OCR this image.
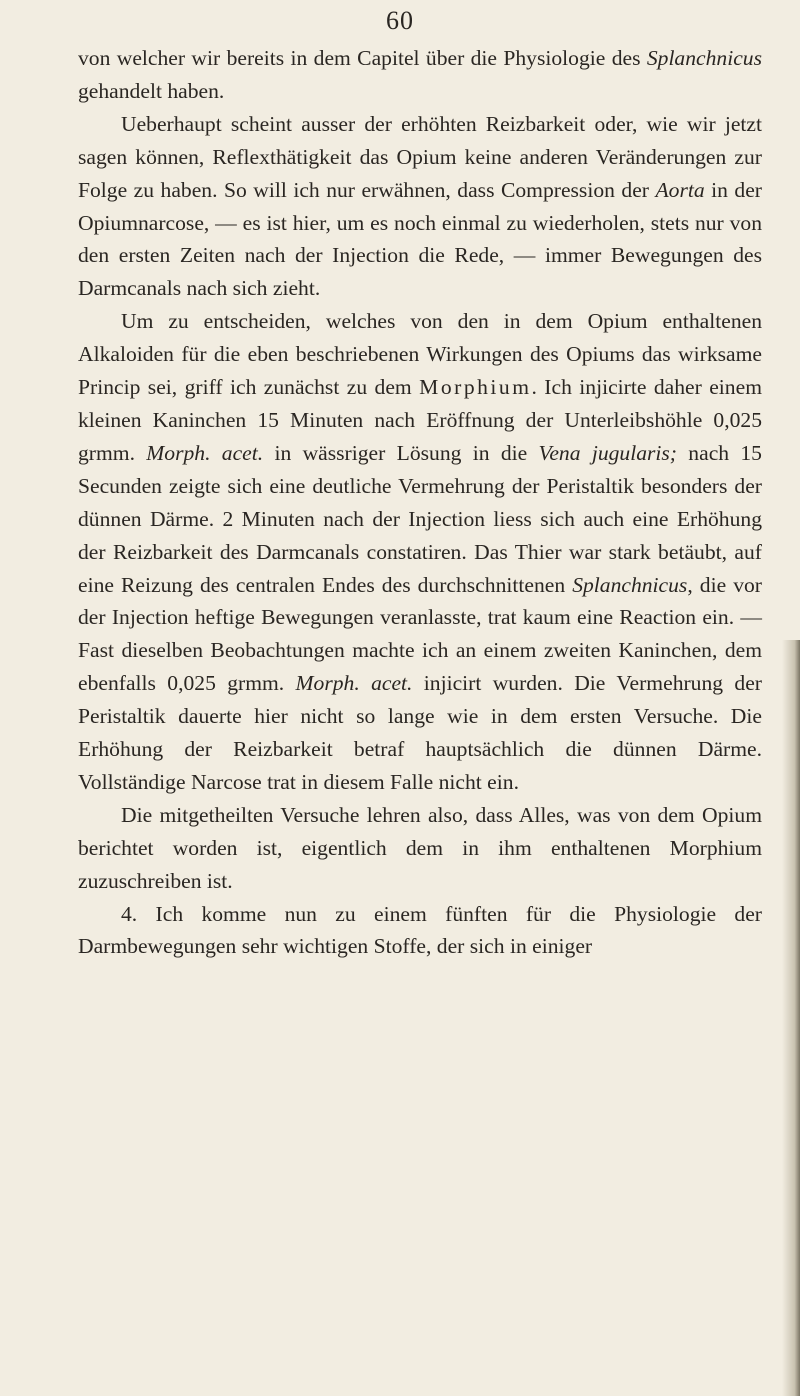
60

von welcher wir bereits in dem Capitel über die Physiologie des Splanchnicus gehandelt haben.

Ueberhaupt scheint ausser der erhöhten Reizbarkeit oder, wie wir jetzt sagen können, Reflexthätigkeit das Opium keine anderen Veränderungen zur Folge zu haben. So will ich nur erwähnen, dass Compression der Aorta in der Opiumnarcose, — es ist hier, um es noch einmal zu wiederholen, stets nur von den ersten Zeiten nach der Injection die Rede, — immer Bewegungen des Darmcanals nach sich zieht.

Um zu entscheiden, welches von den in dem Opium enthaltenen Alkaloiden für die eben beschriebenen Wirkungen des Opiums das wirksame Princip sei, griff ich zunächst zu dem Morphium. Ich injicirte daher einem kleinen Kaninchen 15 Minuten nach Eröffnung der Unterleibshöhle 0,025 grmm. Morph. acet. in wässriger Lösung in die Vena jugularis; nach 15 Secunden zeigte sich eine deutliche Vermehrung der Peristaltik besonders der dünnen Därme. 2 Minuten nach der Injection liess sich auch eine Erhöhung der Reizbarkeit des Darmcanals constatiren. Das Thier war stark betäubt, auf eine Reizung des centralen Endes des durchschnittenen Splanchnicus, die vor der Injection heftige Bewegungen veranlasste, trat kaum eine Reaction ein. — Fast dieselben Beobachtungen machte ich an einem zweiten Kaninchen, dem ebenfalls 0,025 grmm. Morph. acet. injicirt wurden. Die Vermehrung der Peristaltik dauerte hier nicht so lange wie in dem ersten Versuche. Die Erhöhung der Reizbarkeit betraf hauptsächlich die dünnen Därme. Vollständige Narcose trat in diesem Falle nicht ein.

Die mitgetheilten Versuche lehren also, dass Alles, was von dem Opium berichtet worden ist, eigentlich dem in ihm enthaltenen Morphium zuzuschreiben ist.

4. Ich komme nun zu einem fünften für die Physiologie der Darmbewegungen sehr wichtigen Stoffe, der sich in einiger
